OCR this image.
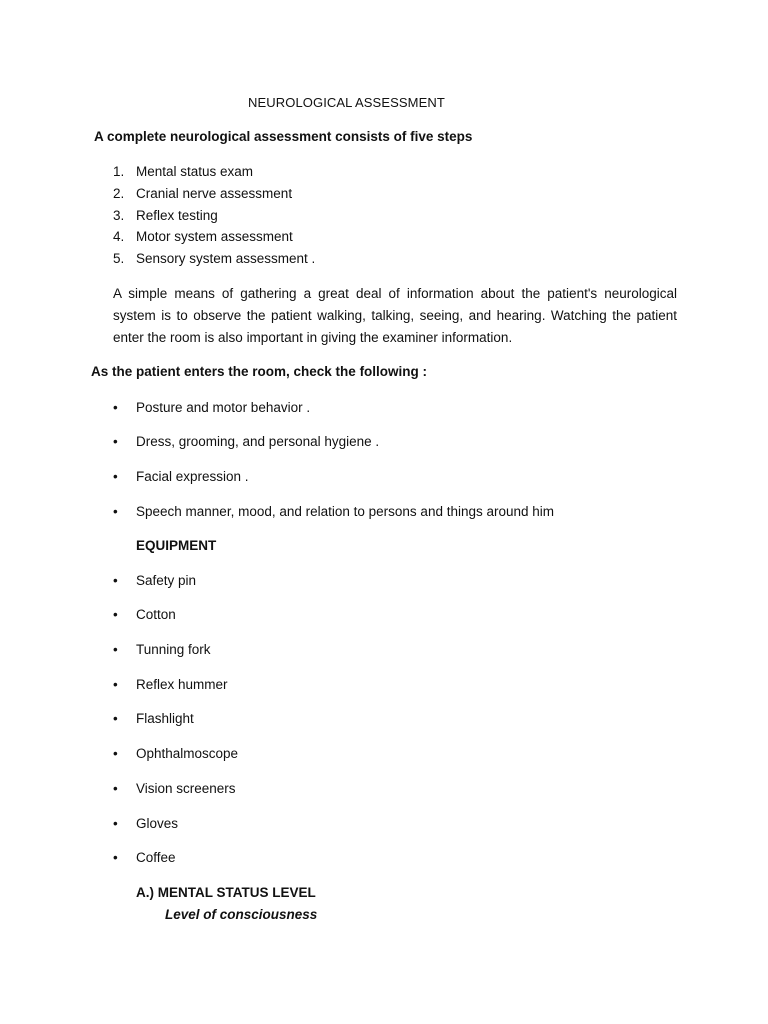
NEUROLOGICAL ASSESSMENT
A complete neurological assessment consists of five steps
1. Mental status exam
2. Cranial nerve assessment
3. Reflex testing
4. Motor system assessment
5. Sensory system assessment .

A simple means of gathering a great deal of information about the patient's neurological system is to observe the patient walking, talking, seeing, and hearing. Watching the patient enter the room is also important in giving the examiner information.

As the patient enters the room, check the following :
•	Posture and motor behavior .
•	Dress, grooming, and personal hygiene .
•	Facial expression .
•	Speech manner, mood, and relation to persons and things around him
EQUIPMENT
•	Safety pin
•	Cotton
•	Tunning fork
•	Reflex hummer
•	Flashlight
•	Ophthalmoscope
•	Vision screeners
•	Gloves
•	Coffee
A.) MENTAL STATUS LEVEL
Level of consciousness
